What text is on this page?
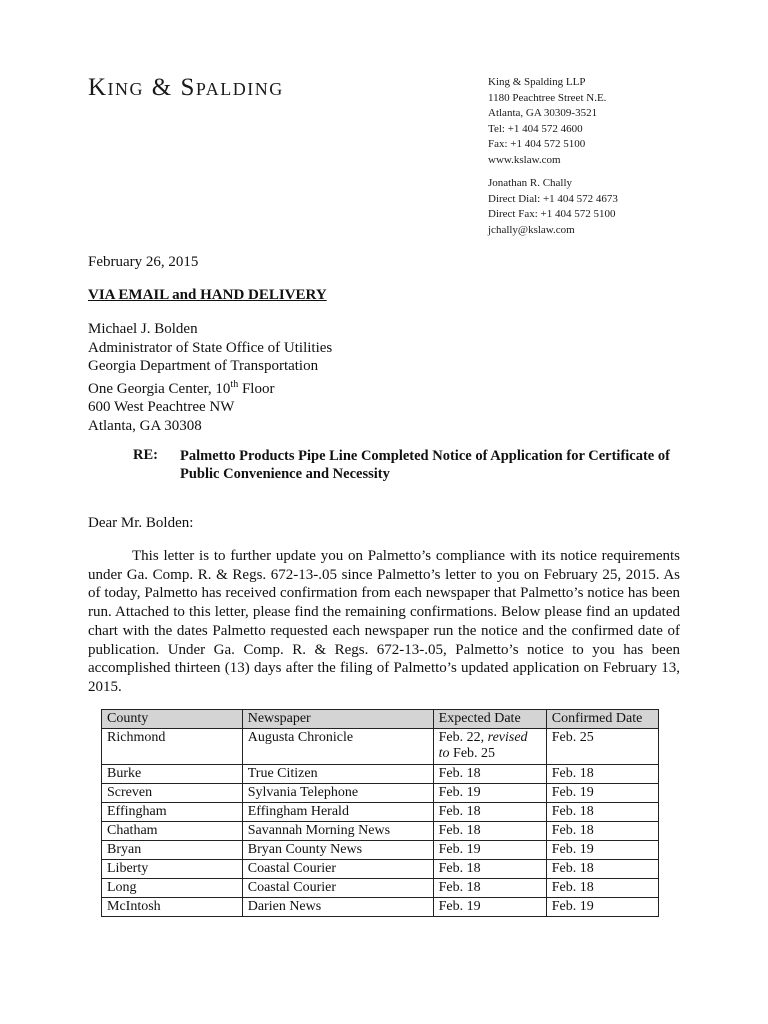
King & Spalding	King & Spalding LLP
1180 Peachtree Street N.E.
Atlanta, GA 30309-3521
Tel: +1 404 572 4600
Fax: +1 404 572 5100
www.kslaw.com
Jonathan R. Chally
Direct Dial: +1 404 572 4673
Direct Fax: +1 404 572 5100
jchally@kslaw.com
February 26, 2015
VIA EMAIL and HAND DELIVERY
Michael J. Bolden
Administrator of State Office of Utilities
Georgia Department of Transportation
One Georgia Center, 10th Floor
600 West Peachtree NW
Atlanta, GA 30308
RE: Palmetto Products Pipe Line Completed Notice of Application for Certificate of Public Convenience and Necessity
Dear Mr. Bolden:
This letter is to further update you on Palmetto’s compliance with its notice requirements under Ga. Comp. R. & Regs. 672-13-.05 since Palmetto’s letter to you on February 25, 2015. As of today, Palmetto has received confirmation from each newspaper that Palmetto’s notice has been run. Attached to this letter, please find the remaining confirmations. Below please find an updated chart with the dates Palmetto requested each newspaper run the notice and the confirmed date of publication. Under Ga. Comp. R. & Regs. 672-13-.05, Palmetto’s notice to you has been accomplished thirteen (13) days after the filing of Palmetto’s updated application on February 13, 2015.
County	Newspaper	Expected Date	Confirmed Date
Richmond	Augusta Chronicle	Feb. 22, revised
to Feb. 25	Feb. 25
Burke	True Citizen	Feb. 18	Feb. 18
Screven	Sylvania Telephone	Feb. 19	Feb. 19
Effingham	Effingham Herald	Feb. 18	Feb. 18
Chatham	Savannah Morning News	Feb. 18	Feb. 18
Bryan	Bryan County News	Feb. 19	Feb. 19
Liberty	Coastal Courier	Feb. 18	Feb. 18
Long	Coastal Courier	Feb. 18	Feb. 18
McIntosh	Darien News	Feb. 19	Feb. 19
